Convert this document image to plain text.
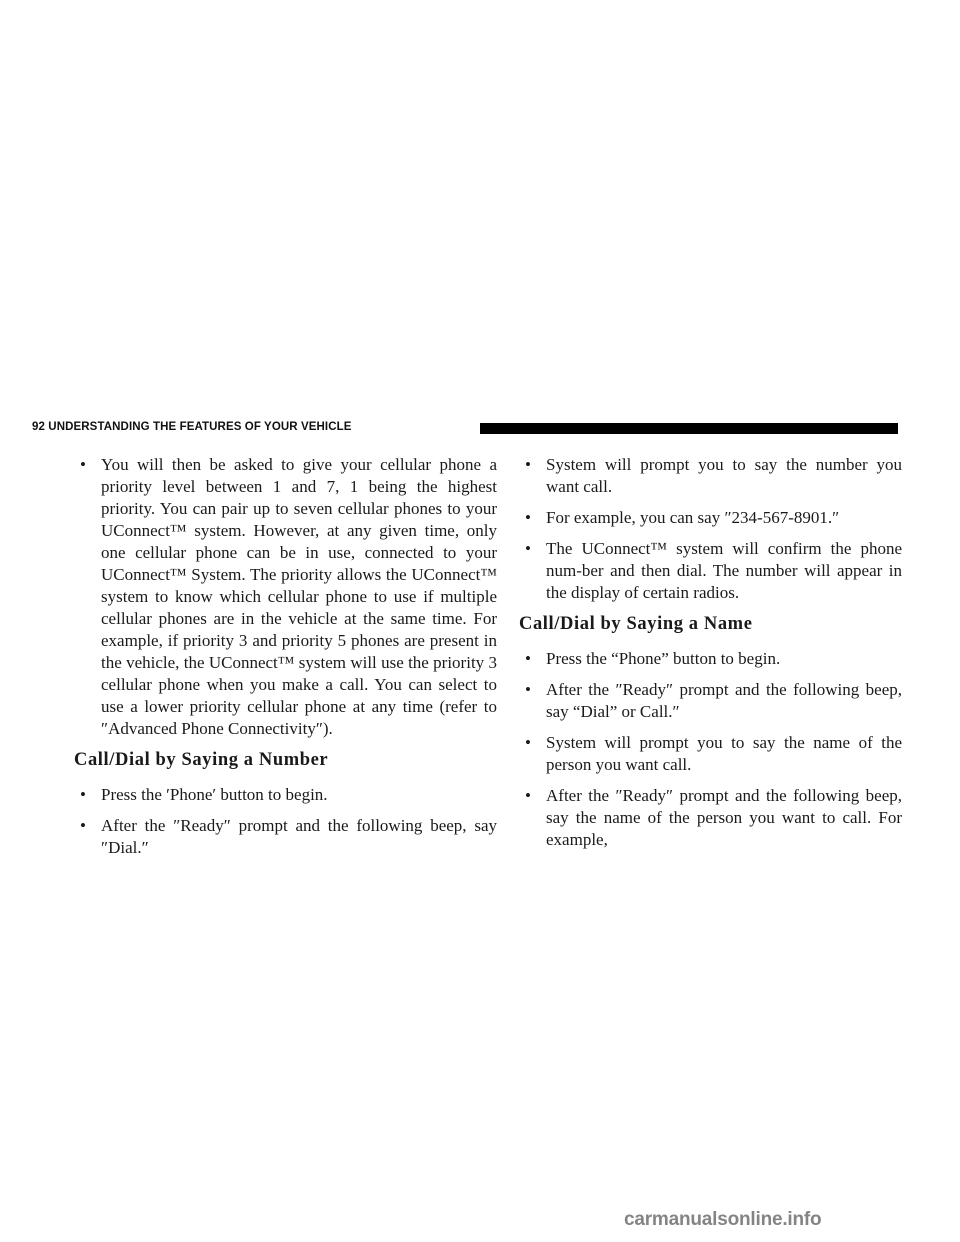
92 UNDERSTANDING THE FEATURES OF YOUR VEHICLE
• You will then be asked to give your cellular phone a priority level between 1 and 7, 1 being the highest priority. You can pair up to seven cellular phones to your UConnect™ system. However, at any given time, only one cellular phone can be in use, connected to your UConnect™ System. The priority allows the UConnect™ system to know which cellular phone to use if multiple cellular phones are in the vehicle at the same time. For example, if priority 3 and priority 5 phones are present in the vehicle, the UConnect™ system will use the priority 3 cellular phone when you make a call. You can select to use a lower priority cellular phone at any time (refer to ″Advanced Phone Connectivity″).
Call/Dial by Saying a Number
• Press the ′Phone′ button to begin.
• After the ″Ready″ prompt and the following beep, say ″Dial.″
• System will prompt you to say the number you want call.
• For example, you can say ″234-567-8901.″
• The UConnect™ system will confirm the phone num-ber and then dial. The number will appear in the display of certain radios.
Call/Dial by Saying a Name
• Press the “Phone” button to begin.
• After the ″Ready″ prompt and the following beep, say “Dial” or Call.″
• System will prompt you to say the name of the person you want call.
• After the ″Ready″ prompt and the following beep, say the name of the person you want to call. For example,
carmanualsonline.info
